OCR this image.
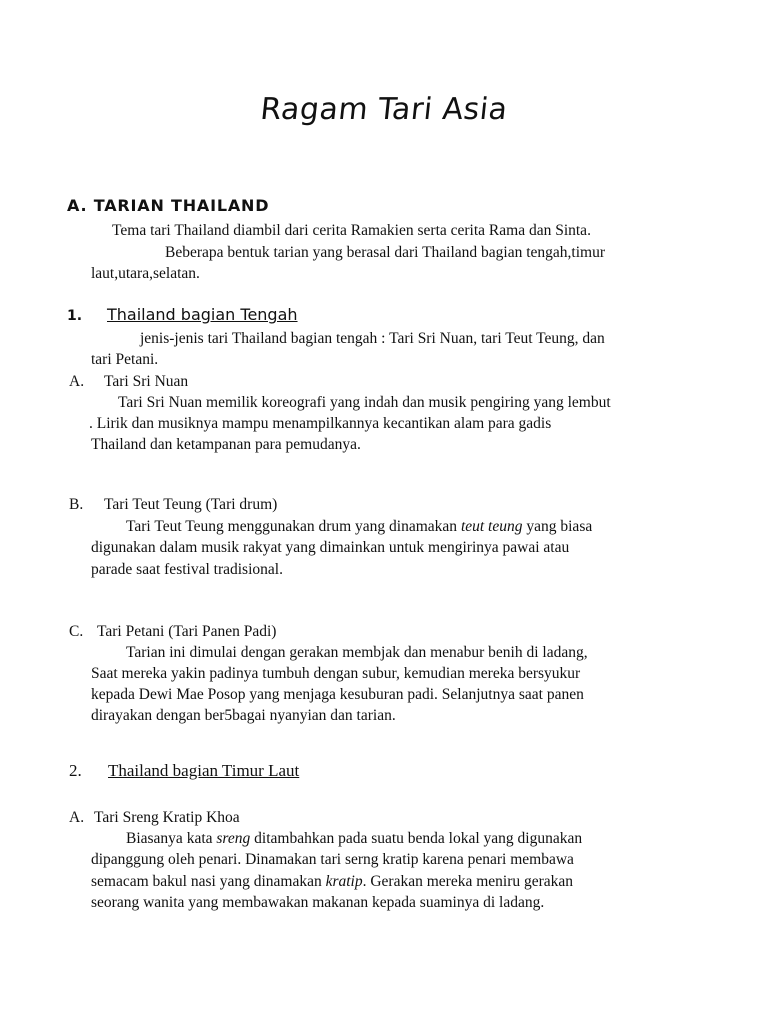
Ragam Tari Asia
A. TARIAN THAILAND
Tema tari Thailand diambil dari cerita Ramakien serta cerita Rama dan Sinta.
Beberapa bentuk tarian yang berasal dari Thailand bagian tengah,timur
laut,utara,selatan.
1. Thailand bagian Tengah
jenis-jenis tari Thailand bagian tengah : Tari Sri Nuan, tari Teut Teung, dan
tari Petani.
A. Tari Sri Nuan
Tari Sri Nuan memilik koreografi yang indah dan musik pengiring yang lembut
. Lirik dan musiknya mampu menampilkannya kecantikan alam para gadis
Thailand dan ketampanan para pemudanya.
B. Tari Teut Teung (Tari drum)
Tari Teut Teung menggunakan drum yang dinamakan teut teung yang biasa
digunakan dalam musik rakyat yang dimainkan untuk mengirinya pawai atau
parade saat festival tradisional.
C. Tari Petani (Tari Panen Padi)
Tarian ini dimulai dengan gerakan membjak dan menabur benih di ladang,
Saat mereka yakin padinya tumbuh dengan subur, kemudian mereka bersyukur
kepada Dewi Mae Posop yang menjaga kesuburan padi. Selanjutnya saat panen
dirayakan dengan ber5bagai nyanyian dan tarian.
2. Thailand bagian Timur Laut
A. Tari Sreng Kratip Khoa
Biasanya kata sreng ditambahkan pada suatu benda lokal yang digunakan
dipanggung oleh penari. Dinamakan tari serng kratip karena penari membawa
semacam bakul nasi yang dinamakan kratip. Gerakan mereka meniru gerakan
seorang wanita yang membawakan makanan kepada suaminya di ladang.
